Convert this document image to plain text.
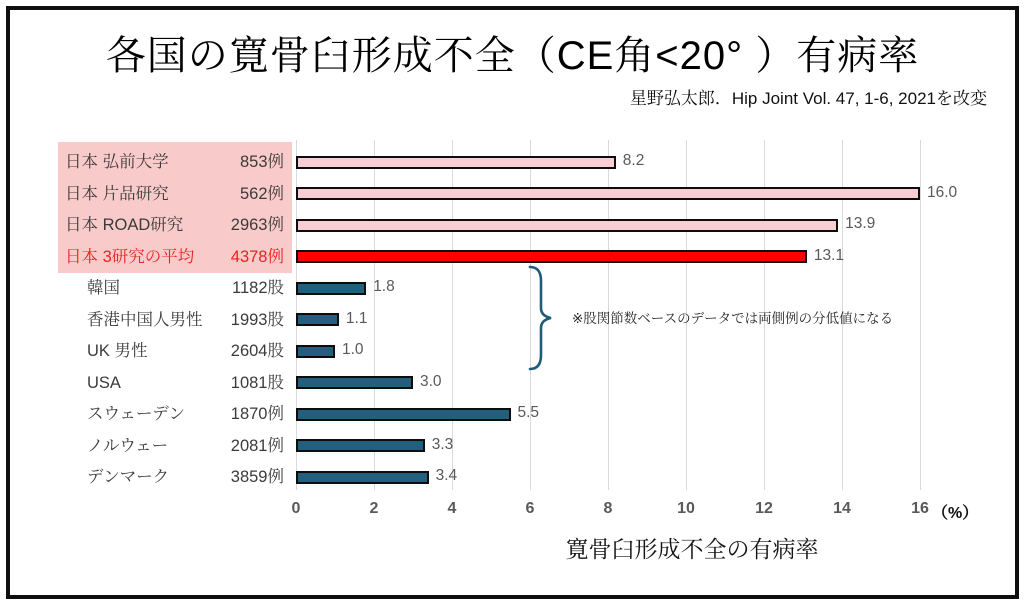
各国の寛骨臼形成不全（CE角<20° ）有病率
星野弘太郎．Hip Joint Vol. 47, 1-6, 2021を改変
（%）
寛骨臼形成不全の有病率
※股関節数ベースのデータでは両側例の分低値になる
0	2	4	6	8	10	12	14	16
日本 弘前大学	853例	8.2
日本 片品研究	562例	16.0
日本 ROAD研究	2963例	13.9
日本 3研究の平均	4378例	13.1
韓国	1182股	1.8
香港中国人男性	1993股	1.1
UK 男性	2604股	1.0
USA	1081股	3.0
スウェーデン	1870例	5.5
ノルウェー	2081例	3.3
デンマーク	3859例	3.4
